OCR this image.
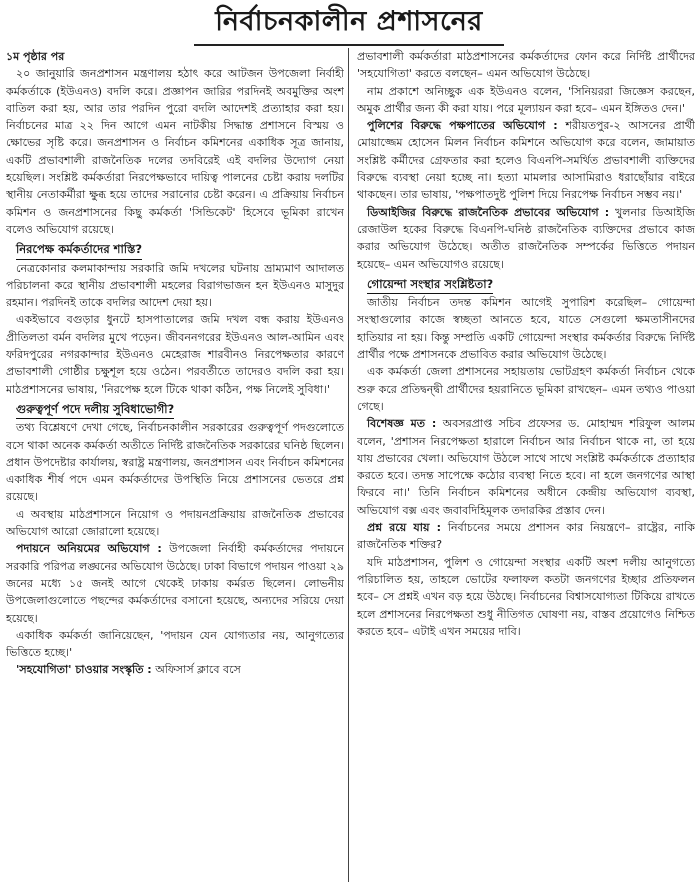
নির্বাচনকালীন প্রশাসনের

১ম পৃষ্ঠার পর

২০ জানুয়ারি জনপ্রশাসন মন্ত্রণালয় হঠাৎ করে আটজন উপজেলা নির্বাহী কর্মকর্তাকে (ইউএনও) বদলি করে। প্রজ্ঞাপন জারির পরদিনই অবমুক্তির অংশ বাতিল করা হয়, আর তার পরদিন পুরো বদলি আদেশই প্রত্যাহার করা হয়। নির্বাচনের মাত্র ২২ দিন আগে এমন নাটকীয় সিদ্ধান্ত প্রশাসনে বিস্ময় ও ক্ষোভের সৃষ্টি করে। জনপ্রশাসন ও নির্বাচন কমিশনের একাধিক সূত্র জানায়, একটি প্রভাবশালী রাজনৈতিক দলের তদবিরেই এই বদলির উদ্যোগ নেয়া হয়েছিল। সংশ্লিষ্ট কর্মকর্তারা নিরপেক্ষভাবে দায়িত্ব পালনের চেষ্টা করায় দলটির স্থানীয় নেতাকর্মীরা ক্ষুব্ধ হয়ে তাদের সরানোর চেষ্টা করেন। এ প্রক্রিয়ায় নির্বাচন কমিশন ও জনপ্রশাসনের কিছু কর্মকর্তা 'সিন্ডিকেট' হিসেবে ভূমিকা রাখেন বলেও অভিযোগ রয়েছে।

নিরপেক্ষ কর্মকর্তাদের শাস্তি?

নেত্রকোনার কলমাকান্দায় সরকারি জমি দখলের ঘটনায় ভ্রাম্যমাণ আদালত পরিচালনা করে স্থানীয় প্রভাবশালী মহলের বিরাগভাজন হন ইউএনও মাসুদুর রহমান। পরদিনই তাকে বদলির আদেশ দেয়া হয়।

একইভাবে বগুড়ার ধুনটে হাসপাতালের জমি দখল বন্ধ করায় ইউএনও প্রীতিলতা বর্মন বদলির মুখে পড়েন। জীবননগরের ইউএনও আল-আমিন এবং ফরিদপুরের নগরকান্দার ইউএনও মেহেরাজ শারবীনও নিরপেক্ষতার কারণে প্রভাবশালী গোষ্ঠীর চক্ষুশূল হয়ে ওঠেন। পরবর্তীতে তাদেরও বদলি করা হয়। মাঠপ্রশাসনের ভাষায়, 'নিরপেক্ষ হলে টিকে থাকা কঠিন, পক্ষ নিলেই সুবিধা।'

গুরুত্বপূর্ণ পদে দলীয় সুবিধাভোগী?

তথ্য বিশ্লেষণে দেখা গেছে, নির্বাচনকালীন সরকারের গুরুত্বপূর্ণ পদগুলোতে বসে থাকা অনেক কর্মকর্তা অতীতে নির্দিষ্ট রাজনৈতিক সরকারের ঘনিষ্ঠ ছিলেন। প্রধান উপদেষ্টার কার্যালয়, স্বরাষ্ট্র মন্ত্রণালয়, জনপ্রশাসন এবং নির্বাচন কমিশনের একাধিক শীর্ষ পদে এমন কর্মকর্তাদের উপস্থিতি নিয়ে প্রশাসনের ভেতরে প্রশ্ন রয়েছে।

এ অবস্থায় মাঠপ্রশাসনে নিয়োগ ও পদায়নপ্রক্রিয়ায় রাজনৈতিক প্রভাবের অভিযোগ আরো জোরালো হয়েছে।

পদায়নে অনিয়মের অভিযোগ : উপজেলা নির্বাহী কর্মকর্তাদের পদায়নে সরকারি পরিপত্র লঙ্ঘনের অভিযোগ উঠেছে। ঢাকা বিভাগে পদায়ন পাওয়া ২৯ জনের মধ্যে ১৫ জনই আগে থেকেই ঢাকায় কর্মরত ছিলেন। লোভনীয় উপজেলাগুলোতে পছন্দের কর্মকর্তাদের বসানো হয়েছে, অন্যদের সরিয়ে দেয়া হয়েছে।

একাধিক কর্মকর্তা জানিয়েছেন, 'পদায়ন যেন যোগ্যতার নয়, আনুগত্যের ভিত্তিতে হচ্ছে।'

'সহযোগিতা' চাওয়ার সংস্কৃতি : অফিসার্স ক্লাবে বসে

প্রভাবশালী কর্মকর্তারা মাঠপ্রশাসনের কর্মকর্তাদের ফোন করে নির্দিষ্ট প্রার্থীদের 'সহযোগিতা' করতে বলছেন– এমন অভিযোগ উঠেছে।

নাম প্রকাশে অনিচ্ছুক এক ইউএনও বলেন, 'সিনিয়ররা জিজ্ঞেস করছেন, অমুক প্রার্থীর জন্য কী করা যায়। পরে মূল্যায়ন করা হবে– এমন ইঙ্গিতও দেন।'

পুলিশের বিরুদ্ধে পক্ষপাতের অভিযোগ : শরীয়তপুর-২ আসনের প্রার্থী মোয়াজ্জেম হোসেন মিলন নির্বাচন কমিশনে অভিযোগ করে বলেন, জামায়াত সংশ্লিষ্ট কর্মীদের গ্রেফতার করা হলেও বিএনপি-সমর্থিত প্রভাবশালী ব্যক্তিদের বিরুদ্ধে ব্যবস্থা নেয়া হচ্ছে না। হত্যা মামলার আসামিরাও ধরাছোঁয়ার বাইরে থাকছেন। তার ভাষায়, 'পক্ষপাতদুষ্ট পুলিশ দিয়ে নিরপেক্ষ নির্বাচন সম্ভব নয়।'

ডিআইজির বিরুদ্ধে রাজনৈতিক প্রভাবের অভিযোগ : খুলনার ডিআইজি রেজাউল হকের বিরুদ্ধে বিএনপি-ঘনিষ্ঠ রাজনৈতিক ব্যক্তিদের প্রভাবে কাজ করার অভিযোগ উঠেছে। অতীত রাজনৈতিক সম্পর্কের ভিত্তিতে পদায়ন হয়েছে– এমন অভিযোগও রয়েছে।

গোয়েন্দা সংস্থার সংশ্লিষ্টতা?

জাতীয় নির্বাচন তদন্ত কমিশন আগেই সুপারিশ করেছিল– গোয়েন্দা সংস্থাগুলোর কাজে স্বচ্ছতা আনতে হবে, যাতে সেগুলো ক্ষমতাসীনদের হাতিয়ার না হয়। কিন্তু সম্প্রতি একটি গোয়েন্দা সংস্থার কর্মকর্তার বিরুদ্ধে নির্দিষ্ট প্রার্থীর পক্ষে প্রশাসনকে প্রভাবিত করার অভিযোগ উঠেছে।

এক কর্মকর্তা জেলা প্রশাসনের সহায়তায় ভোটগ্রহণ কর্মকর্তা নির্বাচন থেকে শুরু করে প্রতিদ্বন্দ্বী প্রার্থীদের হয়রানিতে ভূমিকা রাখছেন– এমন তথ্যও পাওয়া গেছে।

বিশেষজ্ঞ মত : অবসরপ্রাপ্ত সচিব প্রফেসর ড. মোহাম্মদ শরিফুল আলম বলেন, 'প্রশাসন নিরপেক্ষতা হারালে নির্বাচন আর নির্বাচন থাকে না, তা হয়ে যায় প্রভাবের খেলা। অভিযোগ উঠলে সাথে সাথে সংশ্লিষ্ট কর্মকর্তাকে প্রত্যাহার করতে হবে। তদন্ত সাপেক্ষে কঠোর ব্যবস্থা নিতে হবে। না হলে জনগণের আস্থা ফিরবে না।' তিনি নির্বাচন কমিশনের অধীনে কেন্দ্রীয় অভিযোগ ব্যবস্থা, অভিযোগ বক্স এবং জবাবদিহিমূলক তদারকির প্রস্তাব দেন।

প্রশ্ন রয়ে যায় : নির্বাচনের সময়ে প্রশাসন কার নিয়ন্ত্রণে– রাষ্ট্রের, নাকি রাজনৈতিক শক্তির?

যদি মাঠপ্রশাসন, পুলিশ ও গোয়েন্দা সংস্থার একটি অংশ দলীয় আনুগত্যে পরিচালিত হয়, তাহলে ভোটের ফলাফল কতটা জনগণের ইচ্ছার প্রতিফলন হবে– সে প্রশ্নই এখন বড় হয়ে উঠছে। নির্বাচনের বিশ্বাসযোগ্যতা টিকিয়ে রাখতে হলে প্রশাসনের নিরপেক্ষতা শুধু নীতিগত ঘোষণা নয়, বাস্তব প্রয়োগেও নিশ্চিত করতে হবে– এটাই এখন সময়ের দাবি।
